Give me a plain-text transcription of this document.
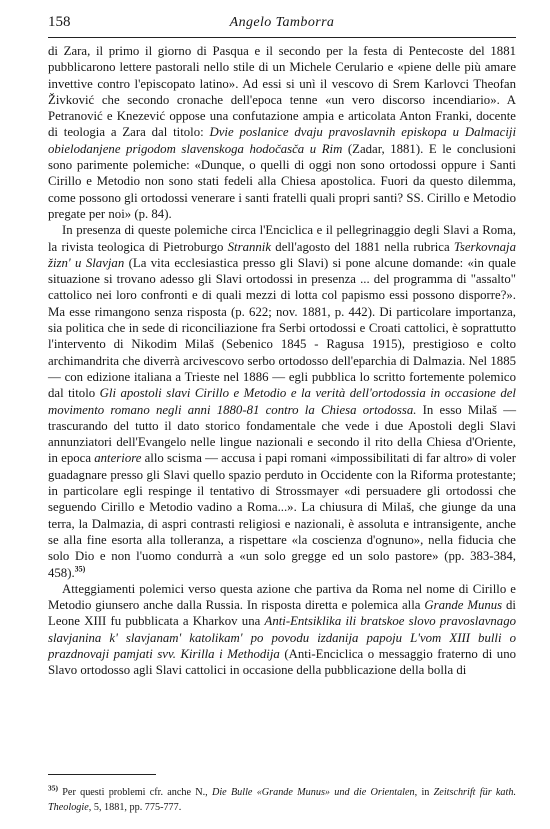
158	Angelo Tamborra

di Zara, il primo il giorno di Pasqua e il secondo per la festa di Pentecoste del 1881 pubblicarono lettere pastorali nello stile di un Michele Cerulario e «piene delle più amare invettive contro l'episcopato latino». Ad essi si unì il vescovo di Srem Karlovci Theofan Živković che secondo cronache dell'epoca tenne «un vero discorso incendiario». A Petranović e Knezević oppose una confutazione ampia e articolata Anton Franki, docente di teologia a Zara dal titolo: Dvie poslanice dvaju pravoslavnih episkopa u Dalmaciji obielodanjene prigodom slavenskoga hodočasča u Rim (Zadar, 1881). E le conclusioni sono parimente polemiche: «Dunque, o quelli di oggi non sono ortodossi oppure i Santi Cirillo e Metodio non sono stati fedeli alla Chiesa apostolica. Fuori da questo dilemma, come possono gli ortodossi venerare i santi fratelli quali propri santi? SS. Cirillo e Metodio pregate per noi» (p. 84).

In presenza di queste polemiche circa l'Enciclica e il pellegrinaggio degli Slavi a Roma, la rivista teologica di Pietroburgo Strannik dell'agosto del 1881 nella rubrica Tserkovnaja žizn' u Slavjan (La vita ecclesiastica presso gli Slavi) si pone alcune domande: «in quale situazione si trovano adesso gli Slavi ortodossi in presenza ... del programma di "assalto" cattolico nei loro confronti e di quali mezzi di lotta col papismo essi possono disporre?». Ma esse rimangono senza risposta (p. 622; nov. 1881, p. 442). Di particolare importanza, sia politica che in sede di riconciliazione fra Serbi ortodossi e Croati cattolici, è soprattutto l'intervento di Nikodim Milaš (Sebenico 1845 - Ragusa 1915), prestigioso e colto archimandrita che diverrà arcivescovo serbo ortodosso dell'eparchia di Dalmazia. Nel 1885 — con edizione italiana a Trieste nel 1886 — egli pubblica lo scritto fortemente polemico dal titolo Gli apostoli slavi Cirillo e Metodio e la verità dell'ortodossia in occasione del movimento romano negli anni 1880-81 contro la Chiesa ortodossa. In esso Milaš — trascurando del tutto il dato storico fondamentale che vede i due Apostoli degli Slavi annunziatori dell'Evangelo nelle lingue nazionali e secondo il rito della Chiesa d'Oriente, in epoca anteriore allo scisma — accusa i papi romani «impossibilitati di far altro» di voler guadagnare presso gli Slavi quello spazio perduto in Occidente con la Riforma protestante; in particolare egli respinge il tentativo di Strossmayer «di persuadere gli ortodossi che seguendo Cirillo e Metodio vadino a Roma...». La chiusura di Milaš, che giunge da una terra, la Dalmazia, di aspri contrasti religiosi e nazionali, è assoluta e intransigente, anche se alla fine esorta alla tolleranza, a rispettare «la coscienza d'ognuno», nella fiducia che solo Dio e non l'uomo condurrà a «un solo gregge ed un solo pastore» (pp. 383-384, 458).$^{35)}$

Atteggiamenti polemici verso questa azione che partiva da Roma nel nome di Cirillo e Metodio giunsero anche dalla Russia. In risposta diretta e polemica alla Grande Munus di Leone XIII fu pubblicata a Kharkov una Anti-Entsiklika ili bratskoe slovo pravoslavnago slavjanina k' slavjanam' katolikam' po povodu izdanija papoju L'vom XIII bulli o prazdnovaji pamjati svv. Kirilla i Methodija (Anti-Enciclica o messaggio fraterno di uno Slavo ortodosso agli Slavi cattolici in occasione della pubblicazione della bolla di

$^{35)}$ Per questi problemi cfr. anche N., Die Bulle «Grande Munus» und die Orientalen, in Zeitschrift für kath. Theologie, 5, 1881, pp. 775-777.
